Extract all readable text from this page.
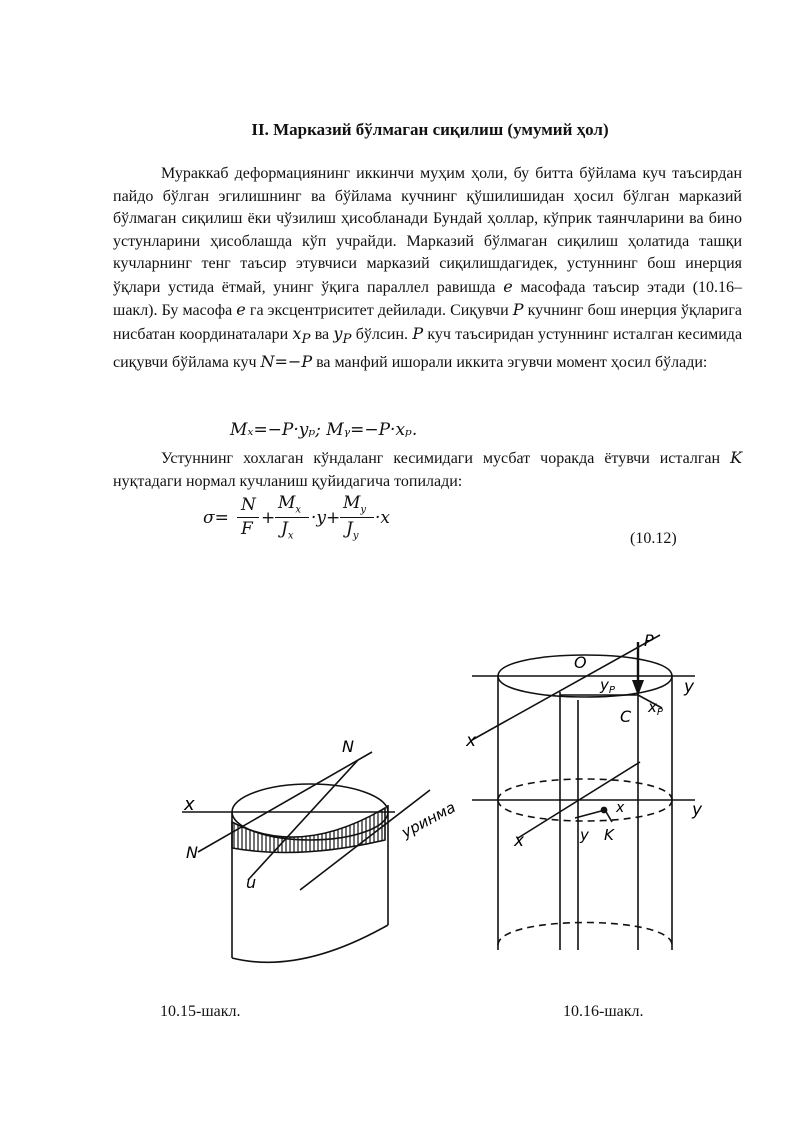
II. Марказий бўлмаган сиқилиш (умумий ҳол)
Мураккаб деформациянинг иккинчи муҳим ҳоли, бу битта бўйлама куч таъсирдан пайдо бўлган эгилишнинг ва бўйлама кучнинг қўшилишидан ҳосил бўлган марказий бўлмаган сиқилиш ёки чўзилиш ҳисобланади Бундай ҳоллар, кўприк таянчларини ва бино устунларини ҳисоблашда кўп учрайди. Марказий бўлмаган сиқилиш ҳолатида ташқи кучларнинг тенг таъсир этувчиси марказий сиқилишдагидек, устуннинг бош инерция ўқлари устида ётмай, унинг ўқига параллел равишда e масофада таъсир этади (10.16–шакл). Бу масофа e га эксцентриситет дейилади. Сиқувчи P кучнинг бош инерция ўқларига нисбатан координаталари $x_P$ ва $y_P$ бўлсин. P куч таъсиридан устуннинг исталган кесимида сиқувчи бўйлама куч N=−P ва манфий ишорали иккита эгувчи момент ҳосил бўлади:
Mₓ=−P·yₚ; Mᵧ=−P·xₚ.
Устуннинг хохлаган кўндаланг кесимидаги мусбат чоракда ётувчи исталган K нуқтадаги нормал кучланиш қуйидагича топилади:
σ=
N
F
+
$M_x$
$J_x$
·y+
$M_y$
$J_y$
·x
(10.12)
x
N
N
u
уринма
P
O
y
$y_P$
C $x_P$
x
x
y
x
y K
10.15-шакл.	10.16-шакл.
